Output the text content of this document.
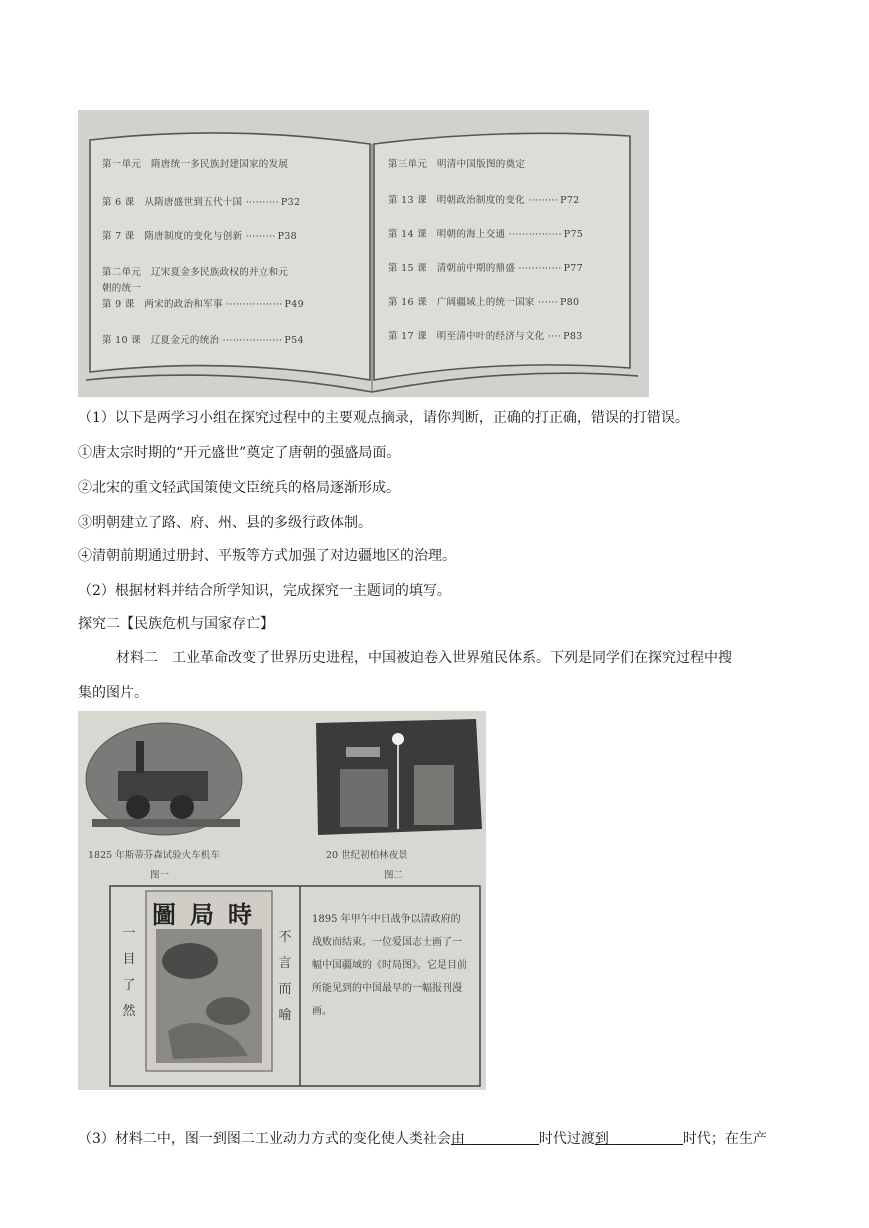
第一单元　隋唐统一多民族封建国家的发展
第 6 课　从隋唐盛世到五代十国 ·········· P32
第 7 课　隋唐制度的变化与创新 ········· P38
第二单元　辽宋夏金多民族政权的并立和元
朝的统一
第 9 课　两宋的政治和军事 ················· P49
第 10 课　辽夏金元的统治 ·················· P54
第三单元　明清中国版图的奠定
第 13 课　明朝政治制度的变化 ········· P72
第 14 课　明朝的海上交通 ················ P75
第 15 课　清朝前中期的鼎盛 ············· P77
第 16 课　广阔疆域上的统一国家 ······ P80
第 17 课　明至清中叶的经济与文化 ···· P83
（1）以下是两学习小组在探究过程中的主要观点摘录，请你判断，正确的打正确，错误的打错误。
①唐太宗时期的“开元盛世”奠定了唐朝的强盛局面。
②北宋的重文轻武国策使文臣统兵的格局逐渐形成。
③明朝建立了路、府、州、县的多级行政体制。
④清朝前期通过册封、平叛等方式加强了对边疆地区的治理。
（2）根据材料并结合所学知识，完成探究一主题词的填写。
探究二【民族危机与国家存亡】
材料二　工业革命改变了世界历史进程，中国被迫卷入世界殖民体系。下列是同学们在探究过程中搜
集的图片。
1825 年斯蒂芬森试验火车机车
图一
20 世纪初柏林夜景
图二
圖局時
一
目
了
然
不
言
而
喻
1895 年甲午中日战争以清政府的战败而结束。一位爱国志士画了一幅中国疆域的《时局图》。它是目前所能见到的中国最早的一幅报刊漫画。
（3）材料二中，图一到图二工业动力方式的变化使人类社会由	时代过渡到	时代；在生产
